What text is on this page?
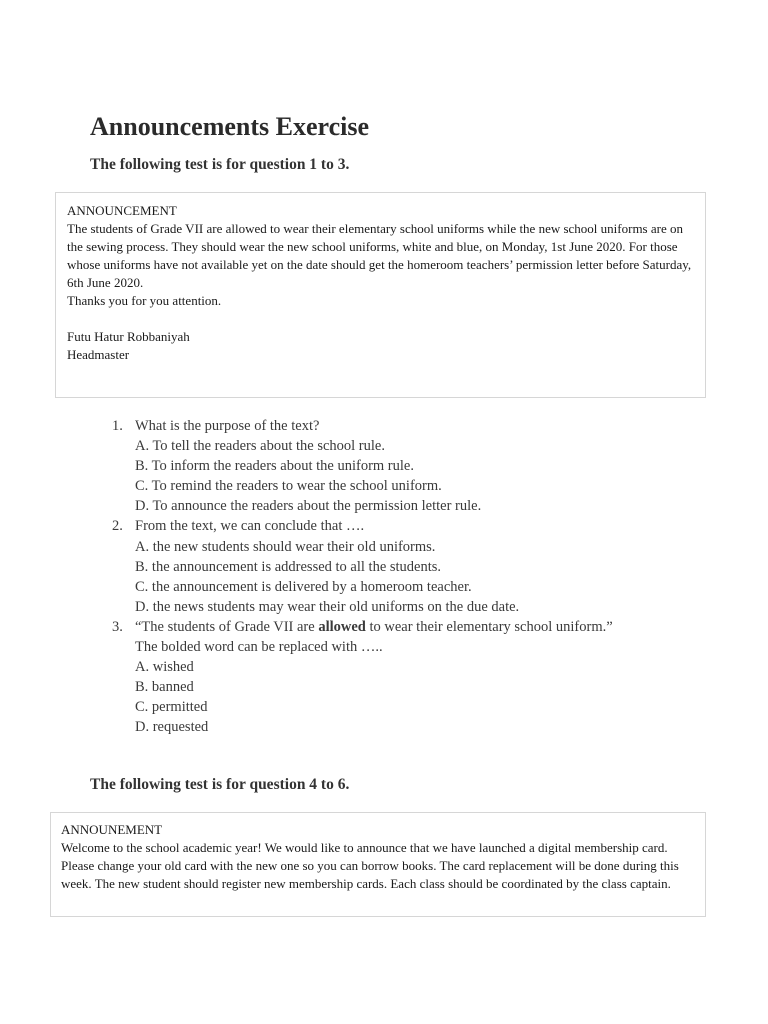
Announcements Exercise

The following test is for question 1 to 3.

ANNOUNCEMENT

The students of Grade VII are allowed to wear their elementary school uniforms while the new school uniforms are on the sewing process. They should wear the new school uniforms, white and blue, on Monday, 1st June 2020. For those whose uniforms have not available yet on the date should get the homeroom teachers’ permission letter before Saturday, 6th June 2020.

Thanks you for you attention.

Futu Hatur Robbaniyah

Headmaster

1. What is the purpose of the text?
A. To tell the readers about the school rule.
B. To inform the readers about the uniform rule.
C. To remind the readers to wear the school uniform.
D. To announce the readers about the permission letter rule.
2. From the text, we can conclude that ….
A. the new students should wear their old uniforms.
B. the announcement is addressed to all the students.
C. the announcement is delivered by a homeroom teacher.
D. the news students may wear their old uniforms on the due date.
3. “The students of Grade VII are allowed to wear their elementary school uniform.”
The bolded word can be replaced with …..
A. wished
B. banned
C. permitted
D. requested

The following test is for question 4 to 6.

ANNOUNEMENT

Welcome to the school academic year! We would like to announce that we have launched a digital membership card. Please change your old card with the new one so you can borrow books. The card replacement will be done during this week. The new student should register new membership cards. Each class should be coordinated by the class captain.
